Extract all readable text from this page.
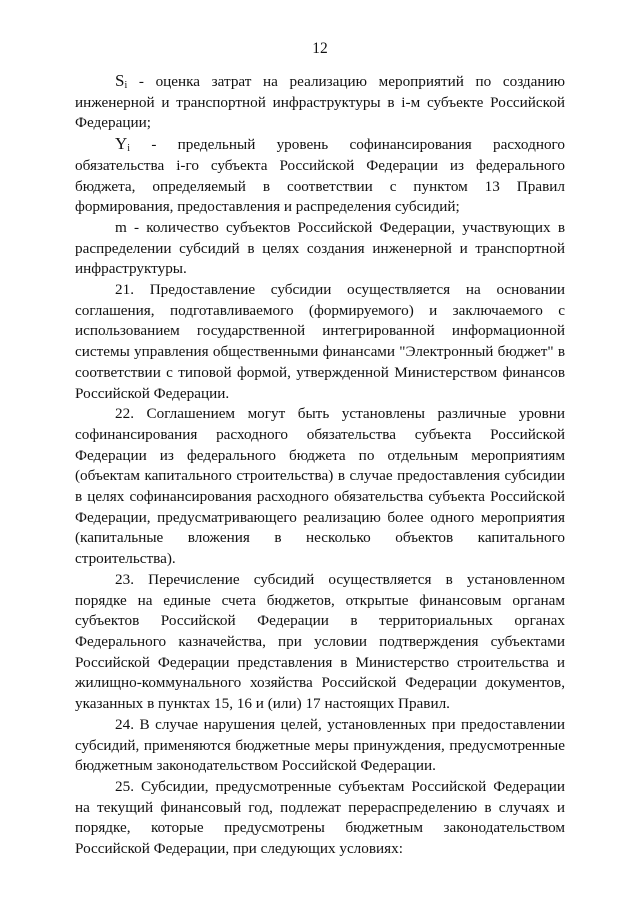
12

$S_i$ - оценка затрат на реализацию мероприятий по созданию инженерной и транспортной инфраструктуры в i-м субъекте Российской Федерации;

$Y_i$ - предельный уровень софинансирования расходного обязательства i-го субъекта Российской Федерации из федерального бюджета, определяемый в соответствии с пунктом 13 Правил формирования, предоставления и распределения субсидий;

m - количество субъектов Российской Федерации, участвующих в распределении субсидий в целях создания инженерной и транспортной инфраструктуры.

21. Предоставление субсидии осуществляется на основании соглашения, подготавливаемого (формируемого) и заключаемого с использованием государственной интегрированной информационной системы управления общественными финансами "Электронный бюджет" в соответствии с типовой формой, утвержденной Министерством финансов Российской Федерации.

22. Соглашением могут быть установлены различные уровни софинансирования расходного обязательства субъекта Российской Федерации из федерального бюджета по отдельным мероприятиям (объектам капитального строительства) в случае предоставления субсидии в целях софинансирования расходного обязательства субъекта Российской Федерации, предусматривающего реализацию более одного мероприятия (капитальные вложения в несколько объектов капитального строительства).

23. Перечисление субсидий осуществляется в установленном порядке на единые счета бюджетов, открытые финансовым органам субъектов Российской Федерации в территориальных органах Федерального казначейства, при условии подтверждения субъектами Российской Федерации представления в Министерство строительства и жилищно-коммунального хозяйства Российской Федерации документов, указанных в пунктах 15, 16 и (или) 17 настоящих Правил.

24. В случае нарушения целей, установленных при предоставлении субсидий, применяются бюджетные меры принуждения, предусмотренные бюджетным законодательством Российской Федерации.

25. Субсидии, предусмотренные субъектам Российской Федерации на текущий финансовый год, подлежат перераспределению в случаях и порядке, которые предусмотрены бюджетным законодательством Российской Федерации, при следующих условиях:
